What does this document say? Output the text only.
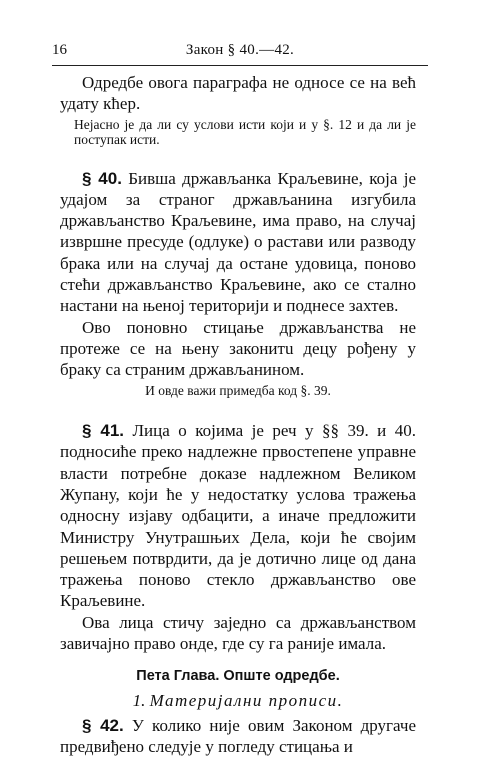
16	Закон § 40.—42.

Одредбе овога параграфа не односе се на већ удату кћер.

Нејасно је да ли су услови исти који и у §. 12 и да ли је поступак исти.

§ 40. Бивша држављанка Краљевине, која је удајом за страног држављанина изгубила држављанство Краљевине, има право, на случај извршне пресуде (одлуке) о растави или разводу брака или на случај да остане удовица, поново стећи држављанство Краљевине, ако се стално настани на њеној територији и поднесе захтев.

Ово поновно стицање држављанства не протеже се на њену законитu децу рођену у браку са страним држављанином.

И овде важи примедба код §. 39.

§ 41. Лица о којима је реч у §§ 39. и 40. подносиће преко надлежне првостепене управне власти потребне доказе надлежном Великом Жупану, који ће у недостатку услова тражења односну изјаву одбацити, а иначе предложити Министру Унутрашњих Дела, који ће својим решењем потврдити, да је дотично лице од дана тражења поново стекло држављанство ове Краљевине.

Ова лица стичу заједно са држављанством завичајно право онде, где су га раније имала.

Пета Глава. Опште одредбе.
1. Материјални прописи.

§ 42. У колико није овим Законом другаче предвиђено следује у погледу стицања и
